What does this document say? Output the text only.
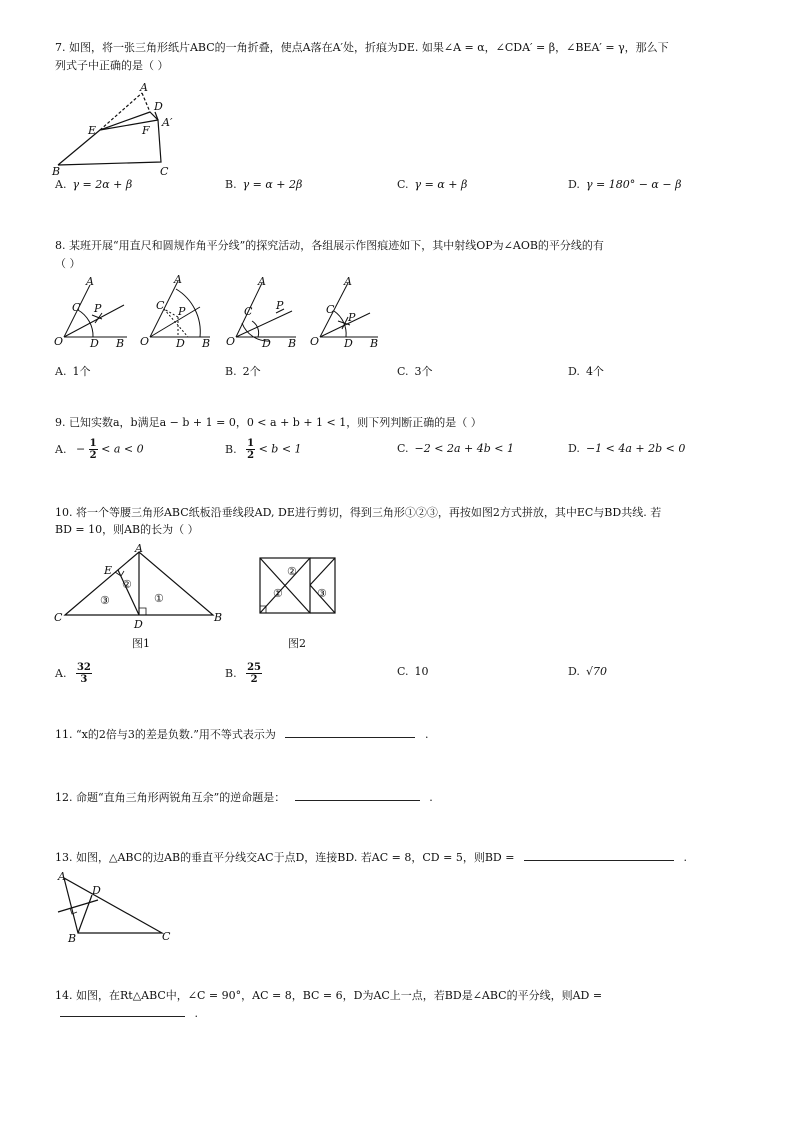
7. 如图，将一张三角形纸片ABC的一角折叠，使点A落在A′处，折痕为DE. 如果∠A = α，∠CDA′ = β，∠BEA′ = γ，那么下
列式子中正确的是（ ）
A
D
A′
E	F
B	C
A. γ = 2α + β	B. γ = α + 2β	C. γ = α + β	D. γ = 180° − α − β
8. 某班开展“用直尺和圆规作角平分线”的探究活动，各组展示作图痕迹如下，其中射线OP为∠AOB的平分线的有
（ ）
A
C P
O D B
A
C P
O D B
A
C P
O D B
A
C
P
O D B
A. 1个	B. 2个	C. 3个	D. 4个
9. 已知实数a，b满足a − b + 1 = 0，0 < a + b + 1 < 1，则下列判断正确的是（ ）
A. − $\frac{1}{2} < a < 0$	B. $\frac{1}{2} < b < 1$	C. −2 < 2a + 4b < 1	D. −1 < 4a + 2b < 0
10. 将一个等腰三角形ABC纸板沿垂线段AD, DE进行剪切，得到三角形①②③，再按如图2方式拼放，其中EC与BD共线. 若
BD = 10，则AB的长为（ ）
A
E
C
D
B
①
②
③
图1
②
①	③
图2
A. $\frac{32}{3}$	B. $\frac{25}{2}$	C. 10	D. √70
11. “x的2倍与3的差是负数.”用不等式表示为	.
12. 命题“直角三角形两锐角互余”的逆命题是：	.
13. 如图，△ABC的边AB的垂直平分线交AC于点D，连接BD. 若AC = 8，CD = 5，则BD =	.
A
D
B	C
14. 如图，在Rt△ABC中，∠C = 90°，AC = 8，BC = 6，D为AC上一点，若BD是∠ABC的平分线，则AD =
.
